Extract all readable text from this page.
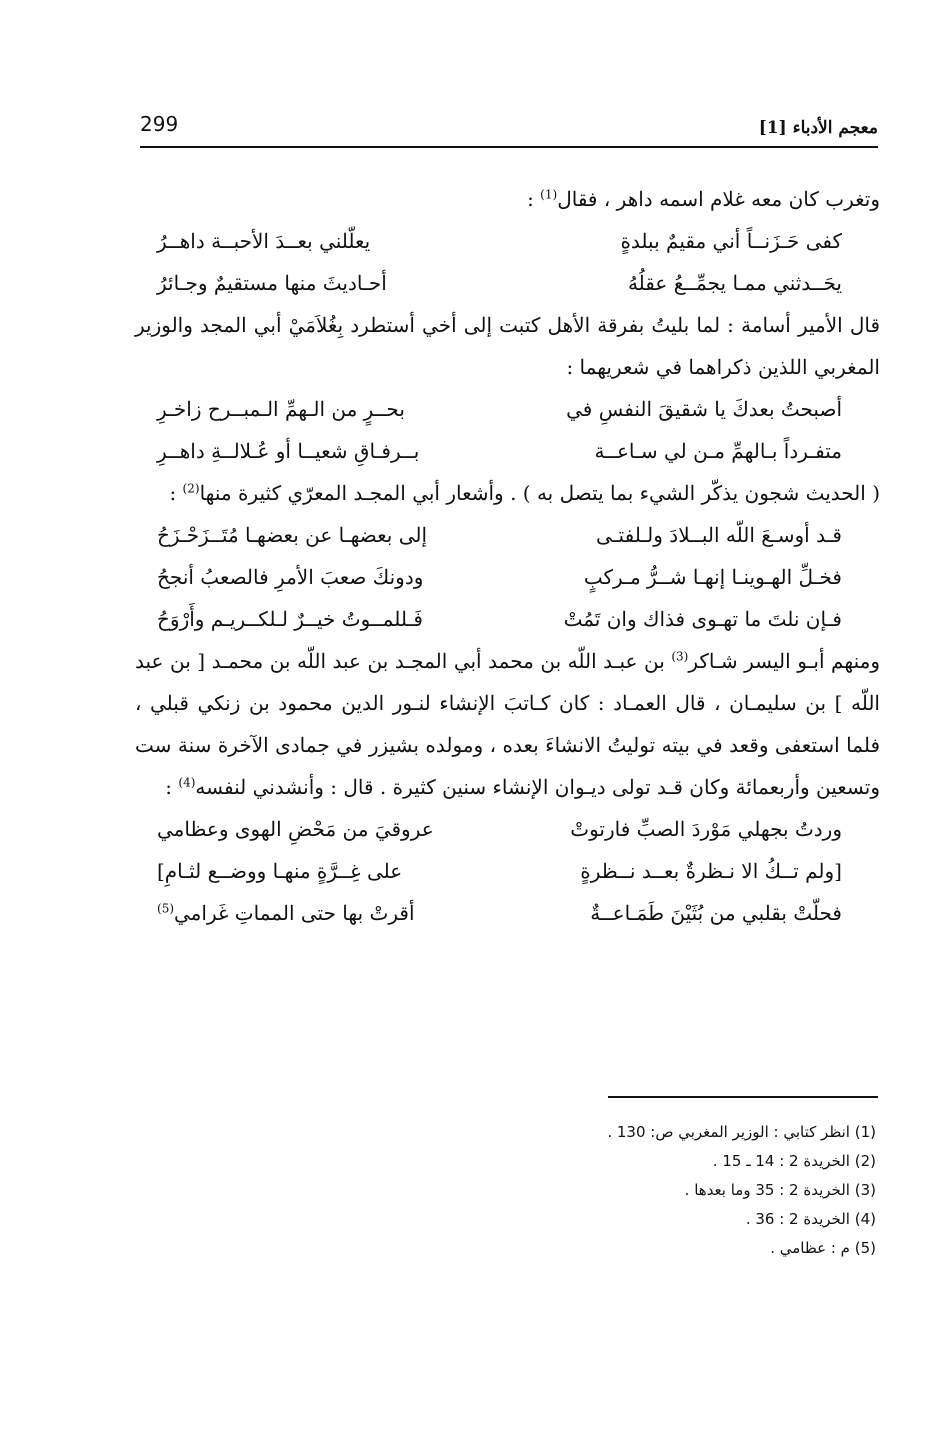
معجم الأدباء [1]
299

وتغرب كان معه غلام اسمه داهر ، فقال$^{(1)}$ :

كفى حَـزَنــاً أني مقيمٌ ببلدةٍ
يعلّلني بعــدَ الأحبــة داهــرُ
يحَــدثني ممـا يجمِّــعُ عقلُهُ
أحـاديثَ منها مستقيمٌ وجـائرُ

قال الأمير أسامة : لما بليتُ بفرقة الأهل كتبت إلى أخي أستطرد بِغُلاَمَيْ أبي المجد والوزير المغربي اللذين ذكراهما في شعريهما :

أصبحتُ بعدكَ يا شقيقَ النفسِ في
بحــرٍ من الـهمِّ الـمبــرح زاخـرِ
متفـرداً بـالهمِّ مـن لي سـاعــة
بــرفـاقِ شعيــا أو عُـلالــةِ داهــرِ

( الحديث شجون يذكّر الشيء بما يتصل به ) . وأشعار أبي المجـد المعرّي كثيرة منها$^{(2)}$ :

قـد أوسـعَ اللّه البــلادَ ولـلفتـى
إلى بعضهـا عن بعضهـا مُتَــزَحْـزَحُ
فخـلِّ الهـوينـا إنهـا شــرُّ مـركبٍ
ودونكَ صعبَ الأمرِ فالصعبُ أنجحُ
فـإن نلتَ ما تهـوى فذاك وان تَمُتْ
فَـللمــوتُ خيــرٌ لـلكــريـم وأَرْوَحُ

ومنهم أبـو اليسر شـاكر$^{(3)}$ بن عبـد اللّه بن محمد أبي المجـد بن عبد اللّه بن محمـد [ بن عبد اللّه ] بن سليمـان ، قال العمـاد : كان كـاتبَ الإنشاء لنـور الدين محمود بن زنكي قبلي ، فلما استعفى وقعد في بيته توليتُ الانشاءَ بعده ، ومولده بشيزر في جمادى الآخرة سنة ست وتسعين وأربعمائة وكان قـد تولى ديـوان الإنشاء سنين كثيرة . قال : وأنشدني لنفسه$^{(4)}$ :

وردتُ بجهلي مَوْردَ الصبِّ فارتوتْ
عروقيَ من مَحْضِ الهوى وعظامي
[ولم تــكُ الا نـظرةٌ بعــد نــظرةٍ
على غِــرَّةٍ منهـا ووضــع لثـامِ]
فحلّتْ بقلبي من بُثَيْنَ طَمَـاعــةٌ
أقرتْ بها حتى المماتِ غَرامي$^{(5)}$
(1) انظر كتابي : الوزير المغربي ص: 130 .
(2) الخريدة 2 : 14 ـ 15 .
(3) الخريدة 2 : 35 وما بعدها .
(4) الخريدة 2 : 36 .
(5) م : عظامي .
